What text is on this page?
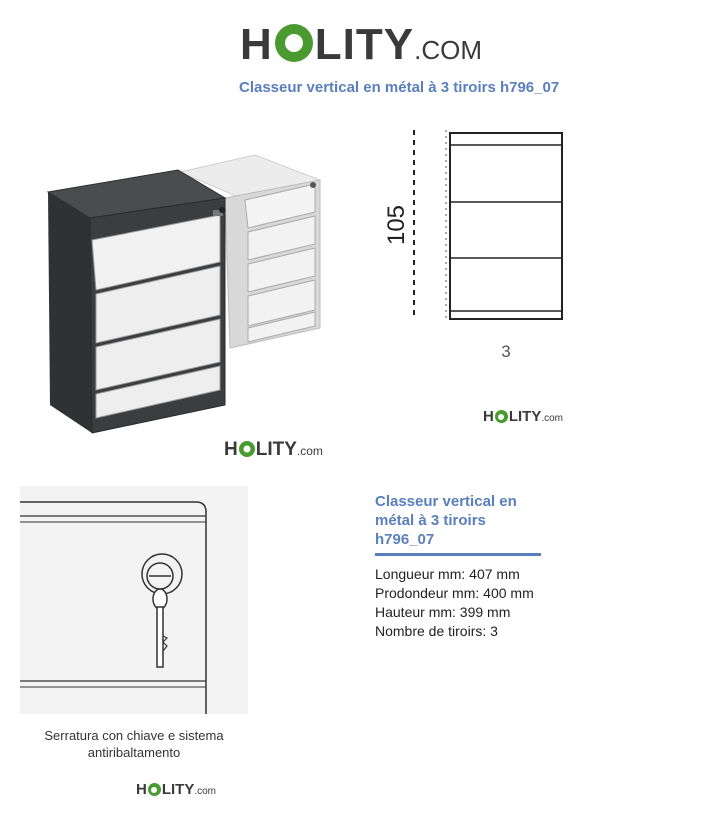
H LITY .COM
Classeur vertical en métal à 3 tiroirs h796_07
H LITY .com
105
3
H LITY .com
Serratura con chiave e sistema antiribaltamento
H LITY .com
Classeur vertical en métal à 3 tiroirs h796_07
Longueur mm: 407 mm
Prodondeur mm: 400 mm
Hauteur mm: 399 mm
Nombre de tiroirs: 3
